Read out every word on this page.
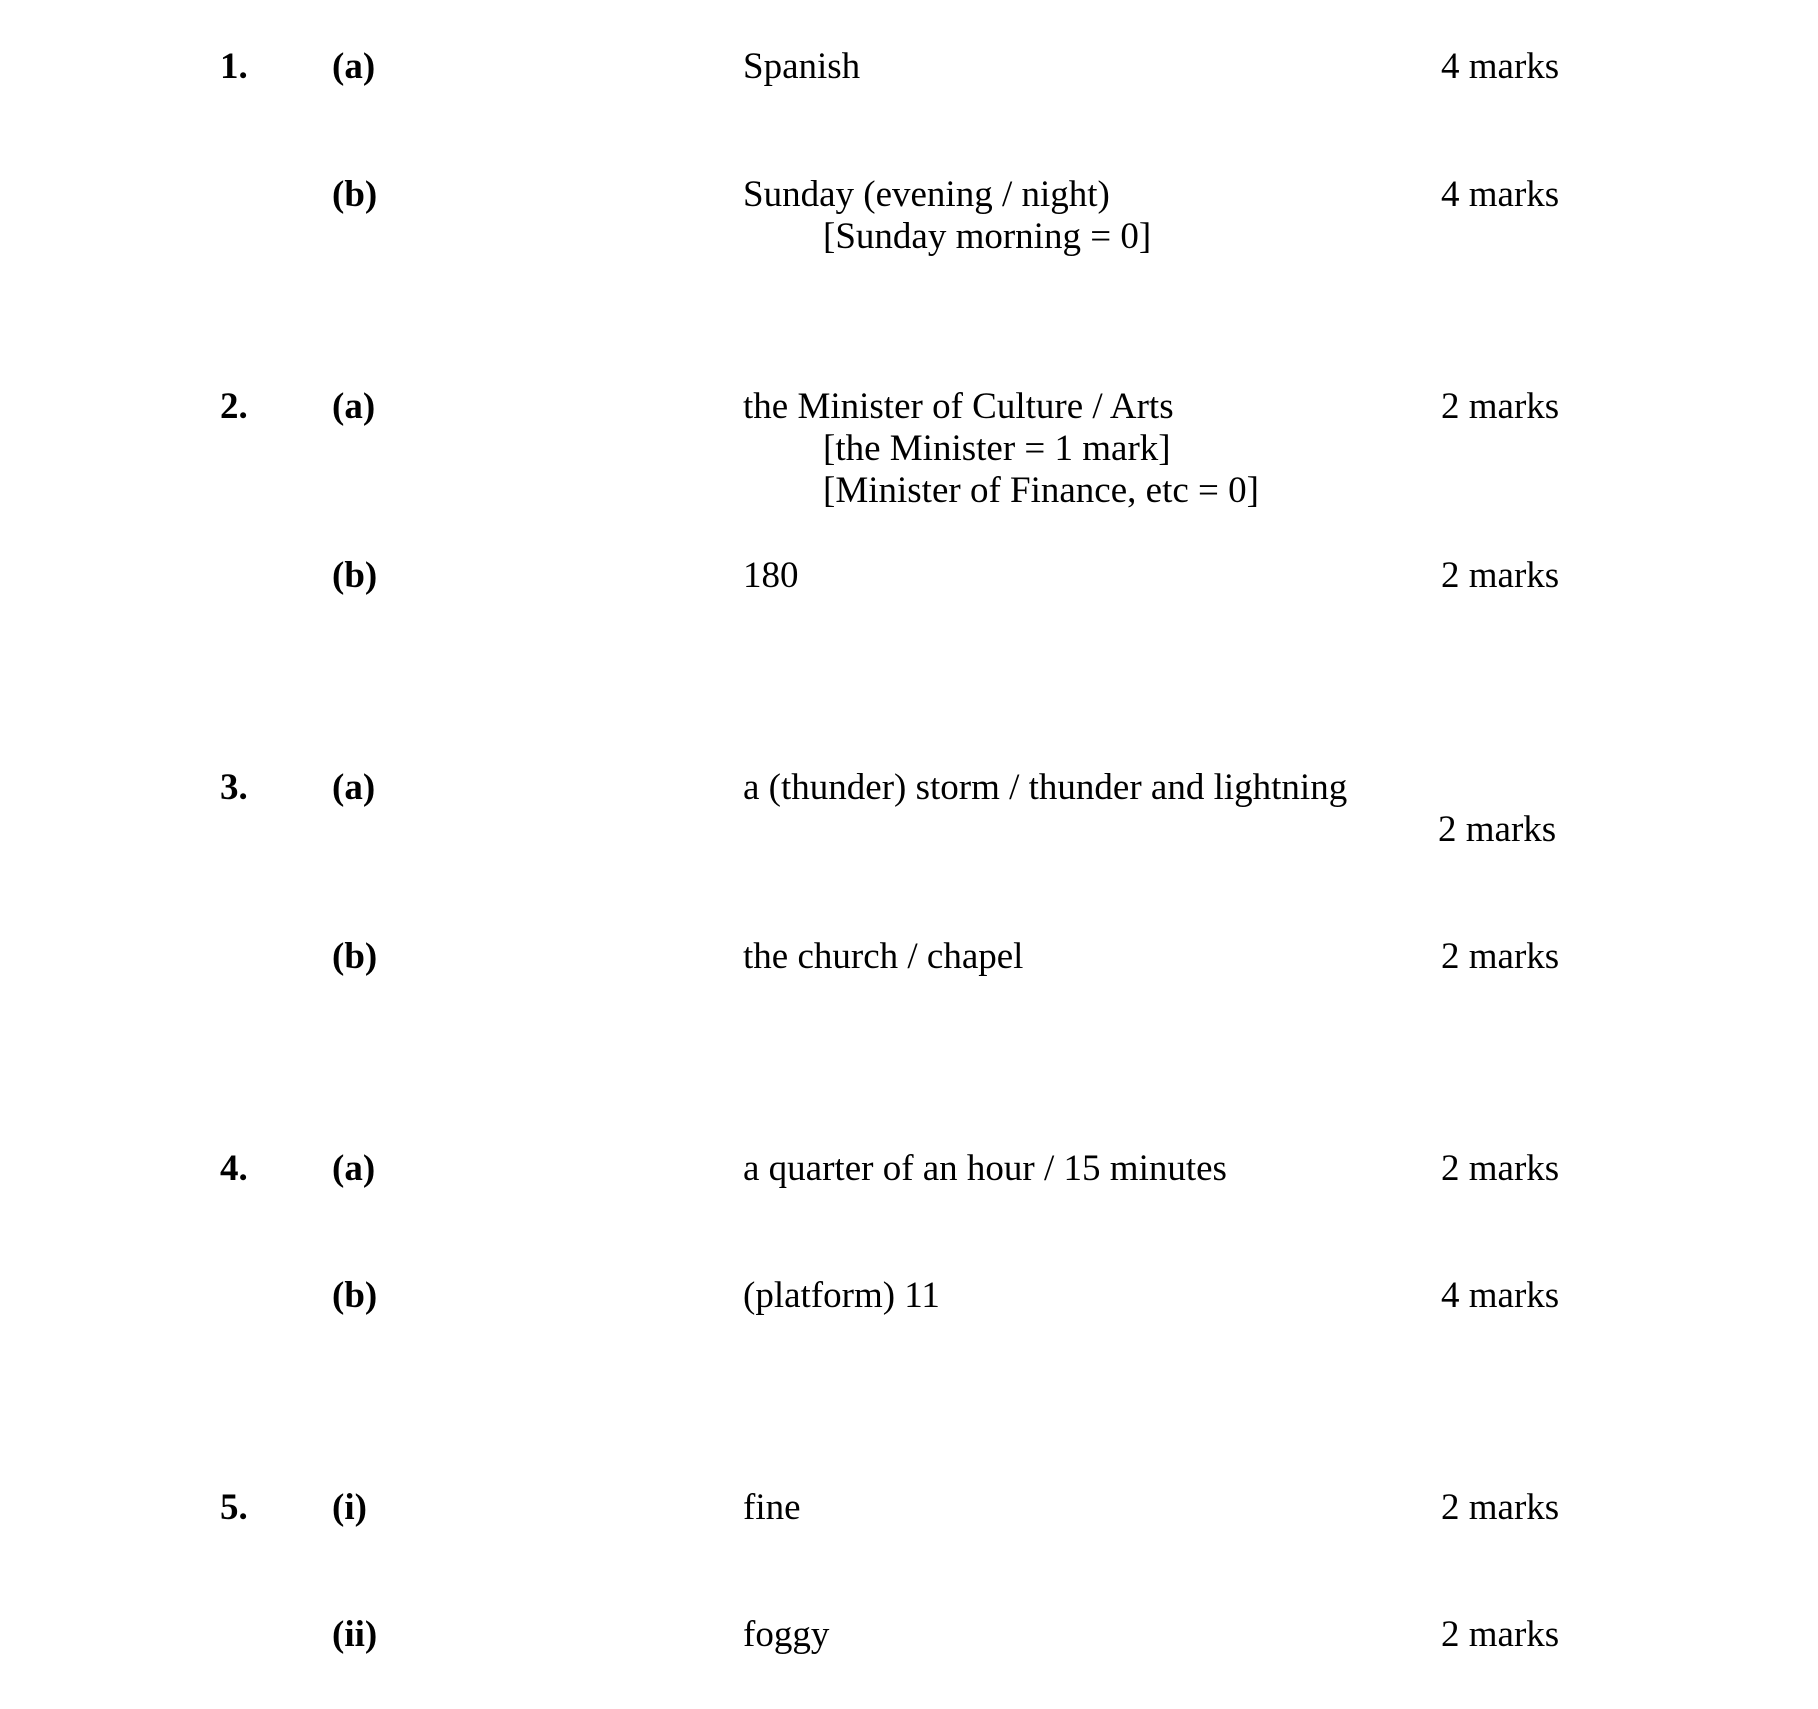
1. (a)	Spanish	4 marks
(b)	Sunday (evening / night)
[Sunday morning = 0]
4 marks
2. (a)	the Minister of Culture / Arts
[the Minister = 1 mark]
[Minister of Finance, etc = 0]
2 marks
(b)	180	2 marks
3. (a)	a (thunder) storm / thunder and lightning
2 marks
(b)	the church / chapel	2 marks
4. (a)	a quarter of an hour / 15 minutes	2 marks
(b)	(platform) 11	4 marks
5. (i)	fine	2 marks
(ii)	foggy	2 marks
